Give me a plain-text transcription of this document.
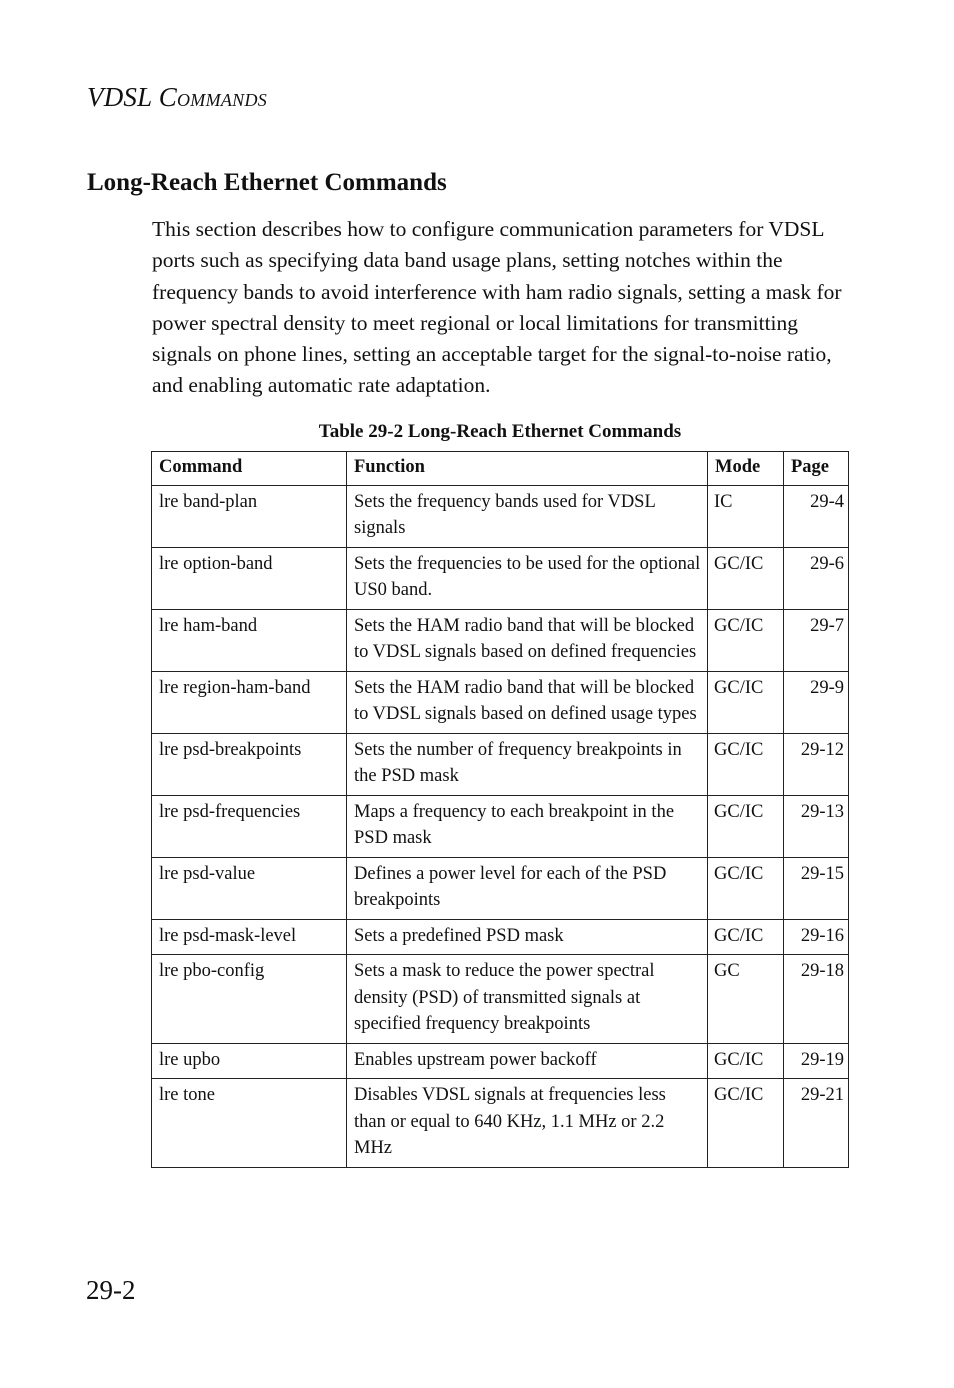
VDSL COMMANDS
Long-Reach Ethernet Commands

This section describes how to configure communication parameters for VDSL ports such as specifying data band usage plans, setting notches within the frequency bands to avoid interference with ham radio signals, setting a mask for power spectral density to meet regional or local limitations for transmitting signals on phone lines, setting an acceptable target for the signal-to-noise ratio, and enabling automatic rate adaptation.

Table 29-2 Long-Reach Ethernet Commands
Command	Function	Mode	Page
lre band-plan	Sets the frequency bands used for VDSL signals	IC	29-4
lre option-band	Sets the frequencies to be used for the optional US0 band.	GC/IC	29-6
lre ham-band	Sets the HAM radio band that will be blocked to VDSL signals based on defined frequencies	GC/IC	29-7
lre region-ham-band	Sets the HAM radio band that will be blocked to VDSL signals based on defined usage types	GC/IC	29-9
lre psd-breakpoints	Sets the number of frequency breakpoints in the PSD mask	GC/IC	29-12
lre psd-frequencies	Maps a frequency to each breakpoint in the PSD mask	GC/IC	29-13
lre psd-value	Defines a power level for each of the PSD breakpoints	GC/IC	29-15
lre psd-mask-level	Sets a predefined PSD mask	GC/IC	29-16
lre pbo-config	Sets a mask to reduce the power spectral density (PSD) of transmitted signals at specified frequency breakpoints	GC	29-18
lre upbo	Enables upstream power backoff	GC/IC	29-19
lre tone	Disables VDSL signals at frequencies less than or equal to 640 KHz, 1.1 MHz or 2.2 MHz	GC/IC	29-21
29-2
